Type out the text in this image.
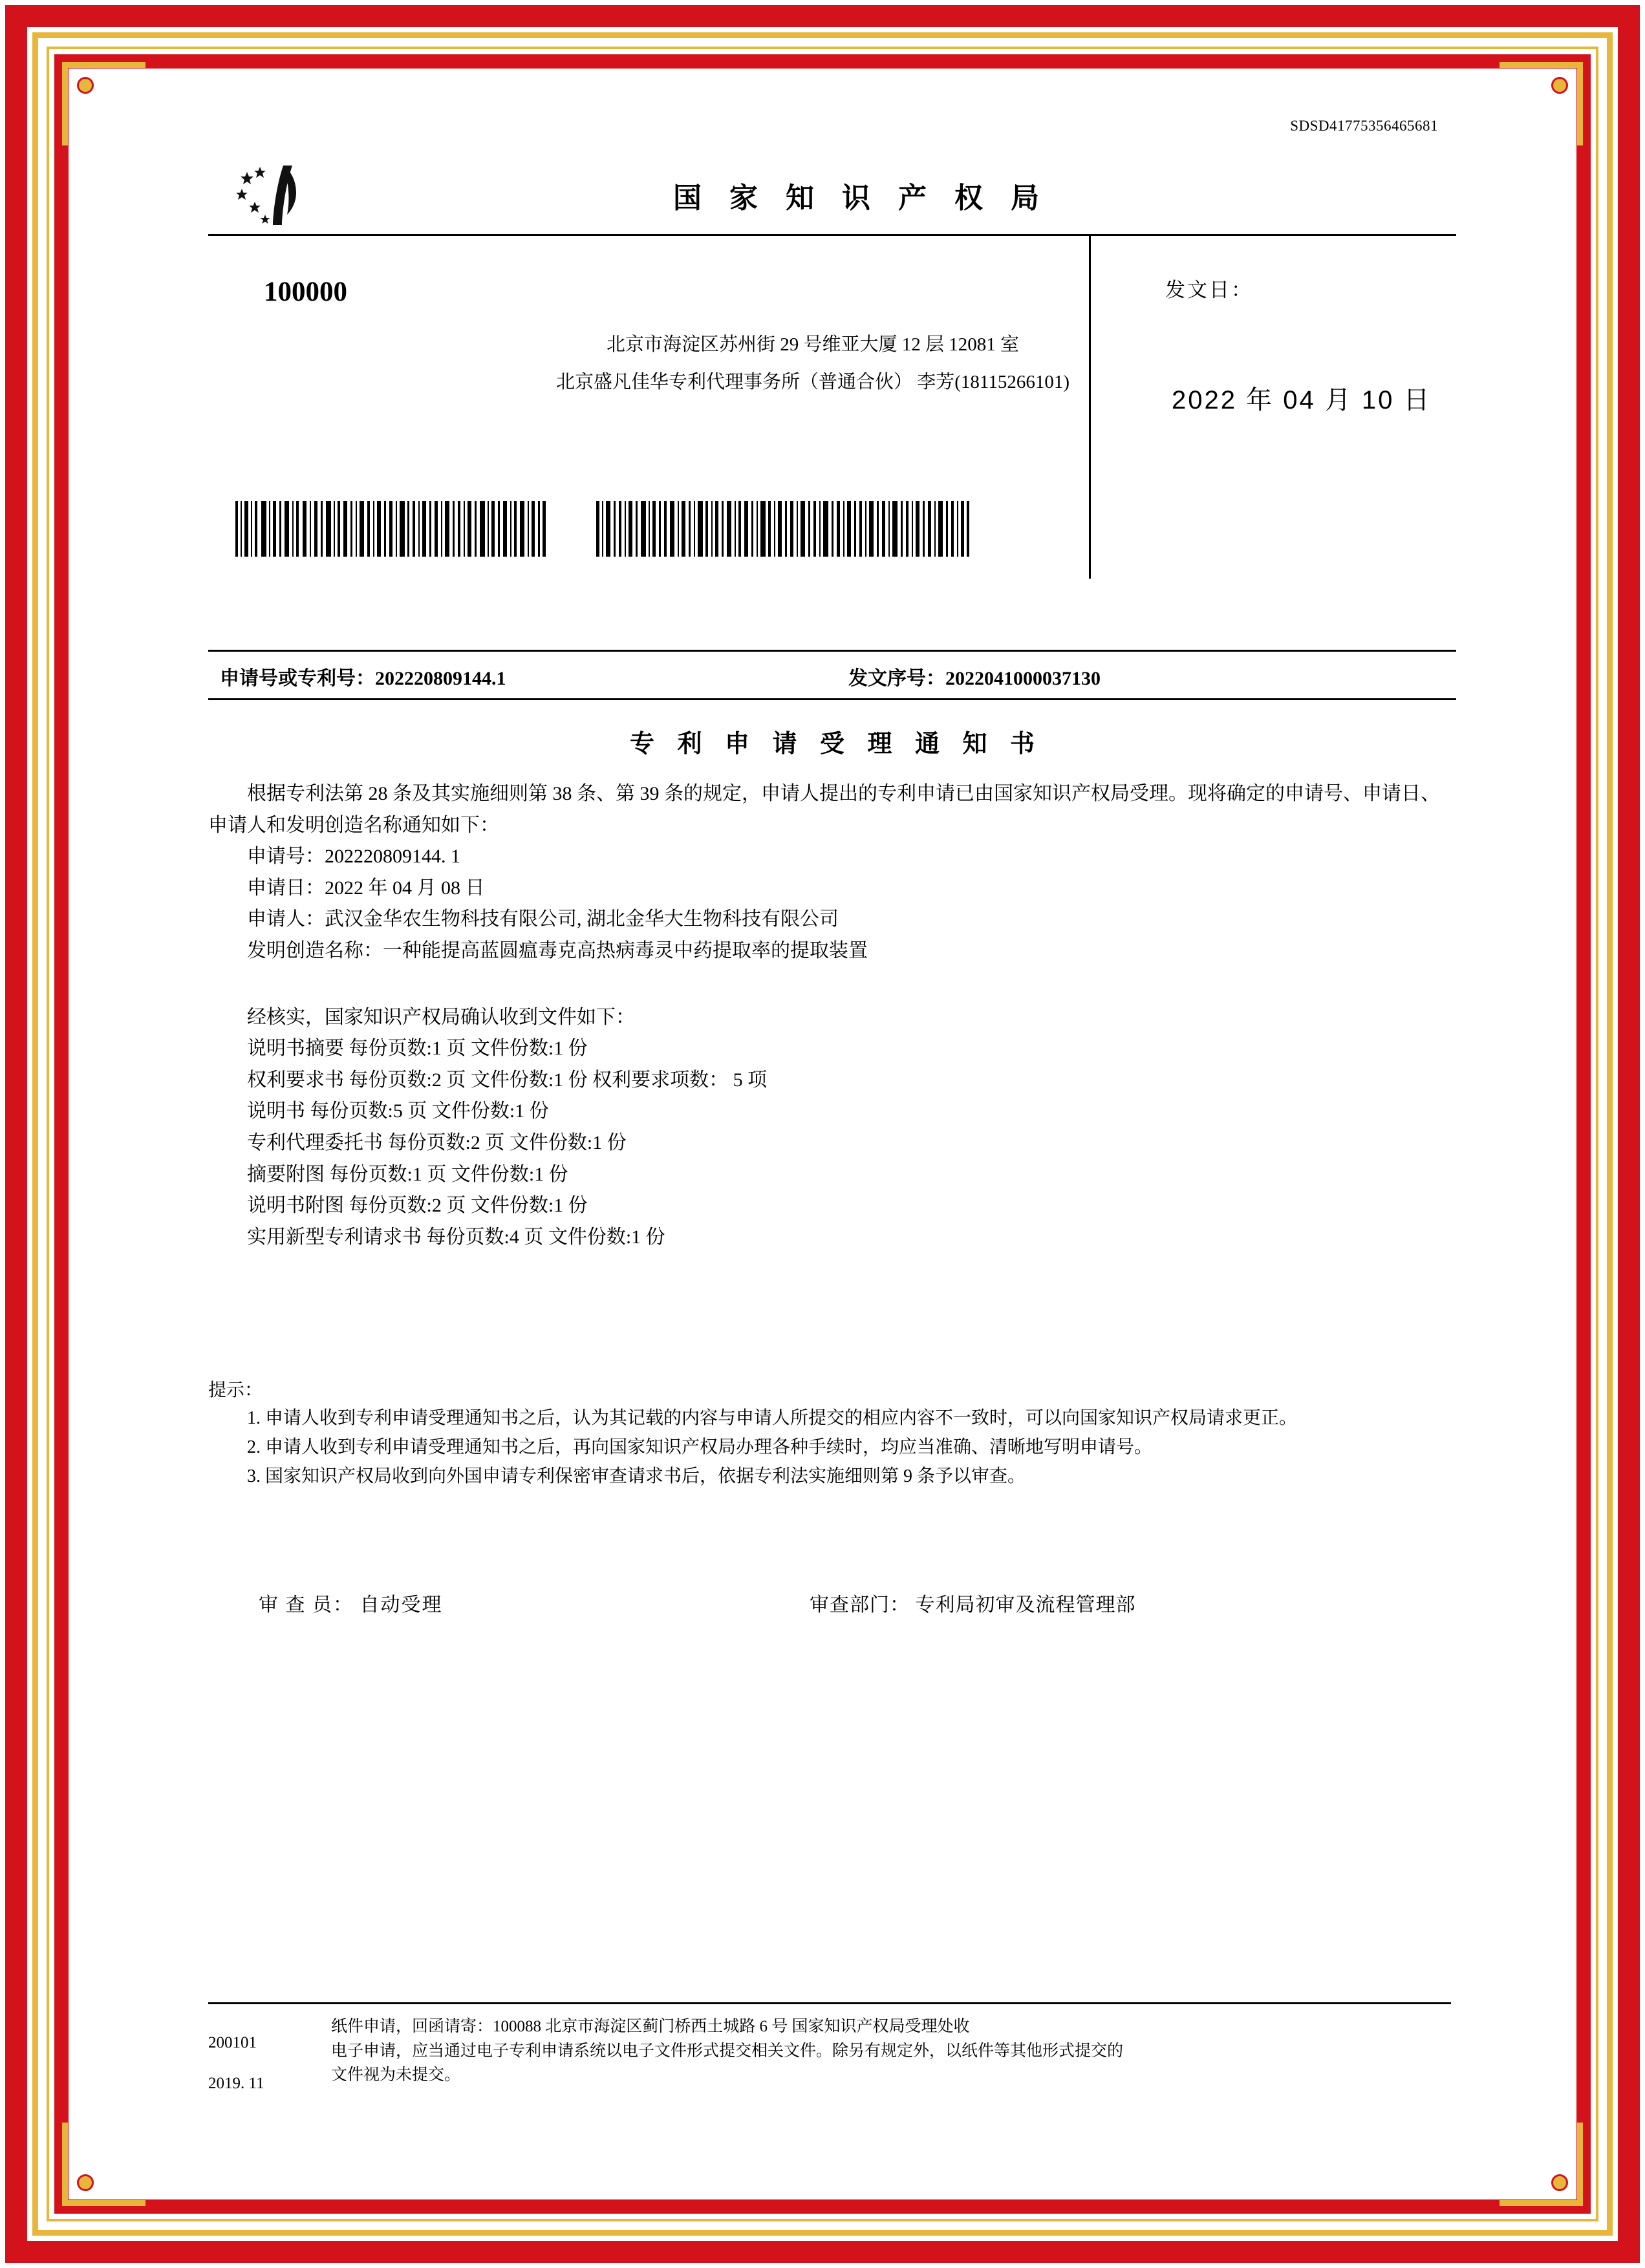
SDSD41775356465681
国 家 知 识 产 权 局
100000
北京市海淀区苏州街 29 号维亚大厦 12 层 12081 室
北京盛凡佳华专利代理事务所（普通合伙） 李芳(18115266101)
发文日：
2022 年 04 月 10 日
申请号或专利号：202220809144.1	发文序号：2022041000037130
专 利 申 请 受 理 通 知 书

根据专利法第 28 条及其实施细则第 38 条、第 39 条的规定，申请人提出的专利申请已由国家知识产权局受理。现将确定的申请号、申请日、申请人和发明创造名称通知如下：

申请号：202220809144. 1

申请日：2022 年 04 月 08 日

申请人：武汉金华农生物科技有限公司, 湖北金华大生物科技有限公司

发明创造名称：一种能提高蓝圆瘟毒克高热病毒灵中药提取率的提取装置

经核实，国家知识产权局确认收到文件如下：

说明书摘要 每份页数:1 页 文件份数:1 份

权利要求书 每份页数:2 页 文件份数:1 份 权利要求项数： 5 项

说明书 每份页数:5 页 文件份数:1 份

专利代理委托书 每份页数:2 页 文件份数:1 份

摘要附图 每份页数:1 页 文件份数:1 份

说明书附图 每份页数:2 页 文件份数:1 份

实用新型专利请求书 每份页数:4 页 文件份数:1 份

提示：

1. 申请人收到专利申请受理通知书之后，认为其记载的内容与申请人所提交的相应内容不一致时，可以向国家知识产权局请求更正。

2. 申请人收到专利申请受理通知书之后，再向国家知识产权局办理各种手续时，均应当准确、清晰地写明申请号。

3. 国家知识产权局收到向外国申请专利保密审查请求书后，依据专利法实施细则第 9 条予以审查。

审 查 员： 自动受理	审查部门： 专利局初审及流程管理部

200101

2019. 11

纸件申请，回函请寄：100088 北京市海淀区蓟门桥西土城路 6 号 国家知识产权局受理处收

电子申请，应当通过电子专利申请系统以电子文件形式提交相关文件。除另有规定外，以纸件等其他形式提交的

文件视为未提交。
